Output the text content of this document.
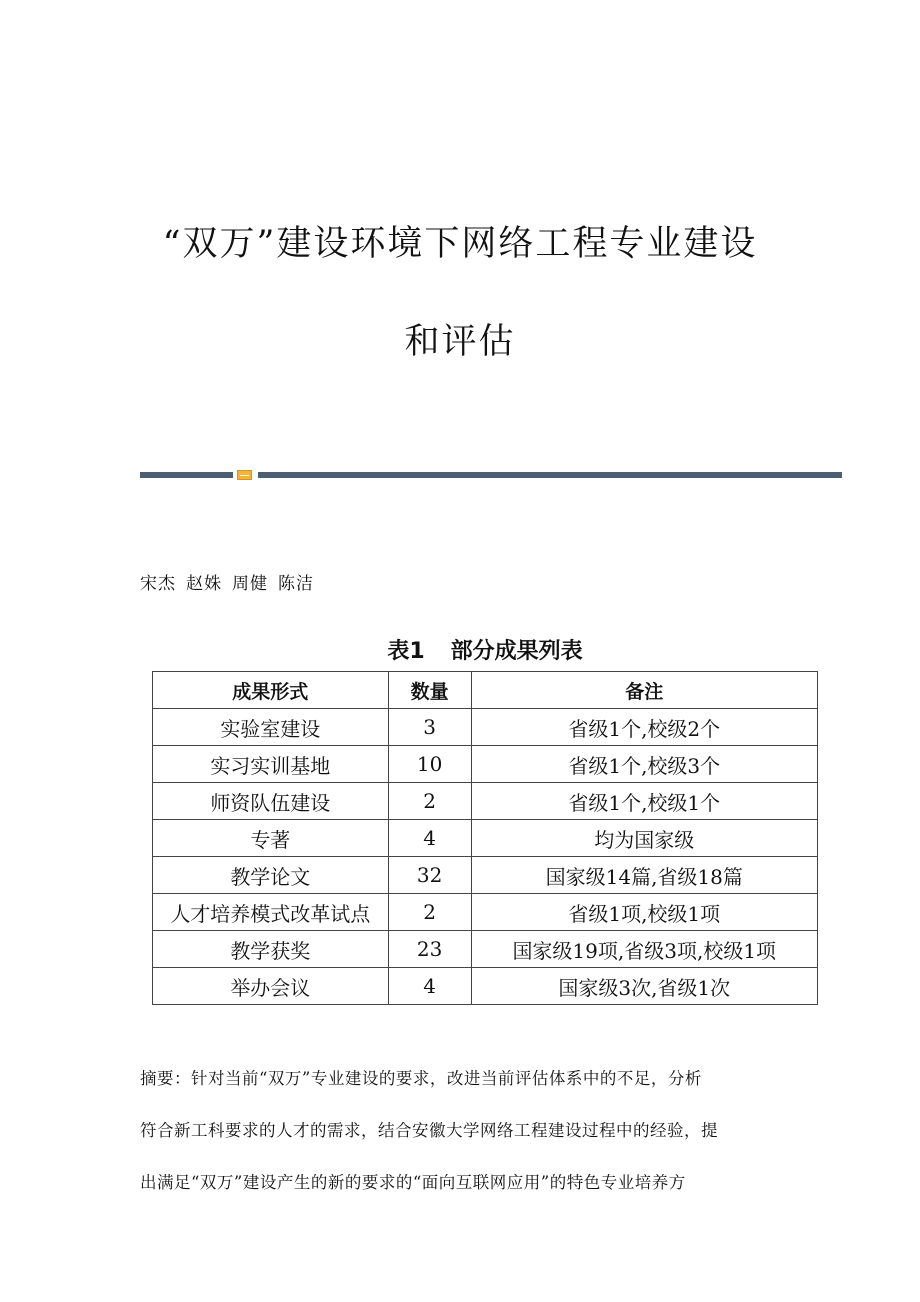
“双万”建设环境下网络工程专业建设
和评估
宋杰 赵姝 周健 陈洁
表1 部分成果列表
成果形式	数量	备注
实验室建设	3	省级1个,校级2个
实习实训基地	10	省级1个,校级3个
师资队伍建设	2	省级1个,校级1个
专著	4	均为国家级
教学论文	32	国家级14篇,省级18篇
人才培养模式改革试点	2	省级1项,校级1项
教学获奖	23	国家级19项,省级3项,校级1项
举办会议	4	国家级3次,省级1次

摘要：针对当前“双万”专业建设的要求，改进当前评估体系中的不足，分析

符合新工科要求的人才的需求，结合安徽大学网络工程建设过程中的经验，提

出满足“双万”建设产生的新的要求的“面向互联网应用”的特色专业培养方
